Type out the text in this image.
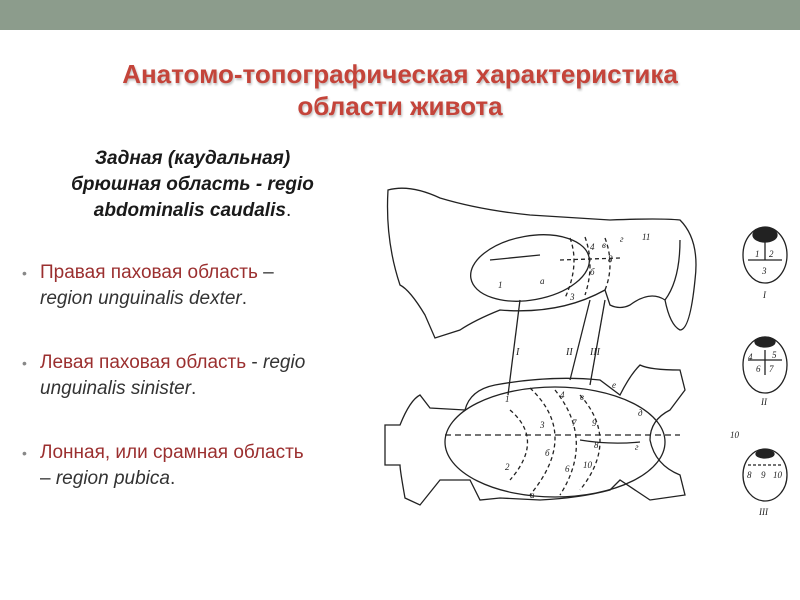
Анатомо-топографическая характеристика
области живота
Задная (каудальная)
брюшная область - regio
abdominalis caudalis.
• Правая паховая область –
region unguinalis dexter.
• Левая паховая область - regio
unguinalis sinister.
• Лонная, или срамная область
– region pubica.
1	а
3
б
4 в
8
г 11
I	II III
1	4 в
е
3	7 9
8
д
б
г
2	6 10
а
1 2
3
I
4 5
6 7
II
10
8 9 10
III
